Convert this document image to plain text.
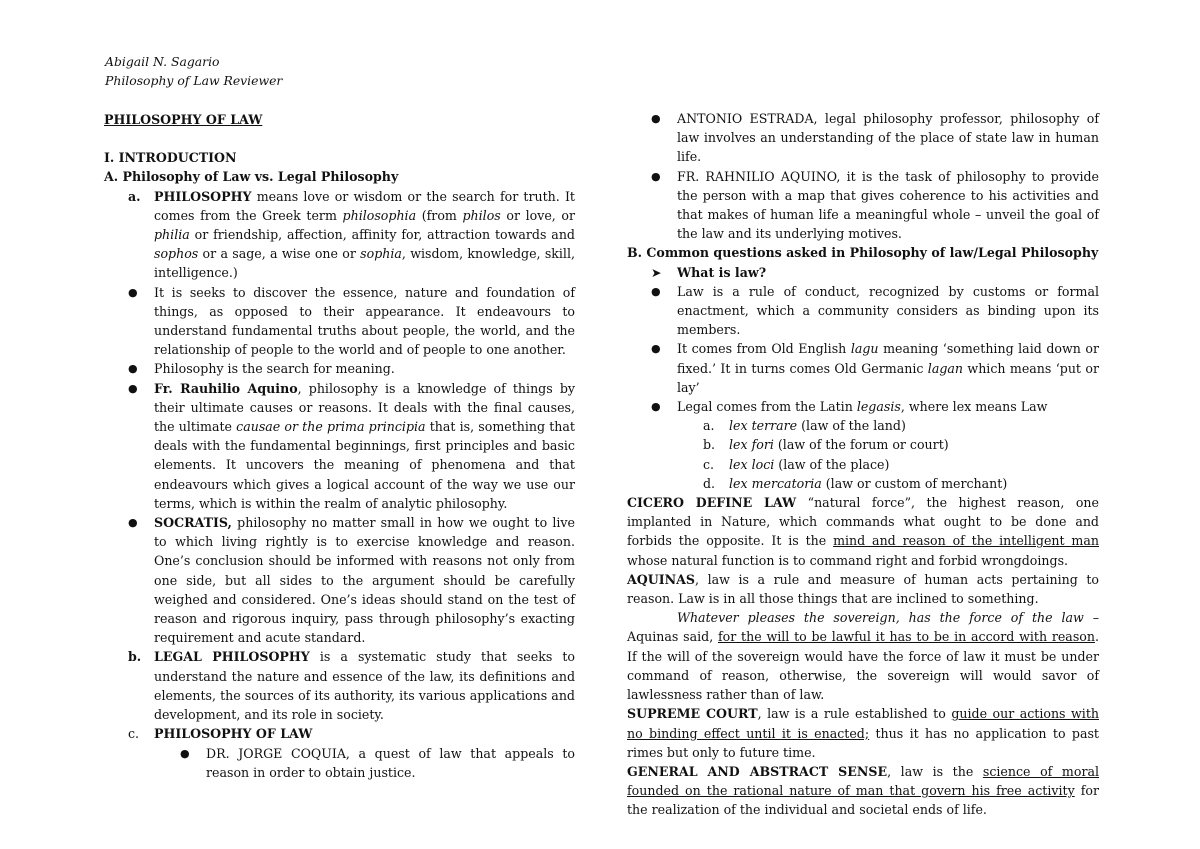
Abigail N. Sagario
Philosophy of Law Reviewer
PHILOSOPHY OF LAW
I. INTRODUCTION
A. Philosophy of Law vs. Legal Philosophy
a. PHILOSOPHY means love or wisdom or the search for truth. It comes from the Greek term philosophia (from philos or love, or philia or friendship, affection, affinity for, attraction towards and sophos or a sage, a wise one or sophia, wisdom, knowledge, skill, intelligence.)
● It is seeks to discover the essence, nature and foundation of things, as opposed to their appearance. It endeavours to understand fundamental truths about people, the world, and the relationship of people to the world and of people to one another.
● Philosophy is the search for meaning.
● Fr. Rauhilio Aquino, philosophy is a knowledge of things by their ultimate causes or reasons. It deals with the final causes, the ultimate causae or the prima principia that is, something that deals with the fundamental beginnings, first principles and basic elements. It uncovers the meaning of phenomena and that endeavours which gives a logical account of the way we use our terms, which is within the realm of analytic philosophy.
● SOCRATIS, philosophy no matter small in how we ought to live to which living rightly is to exercise knowledge and reason. One’s conclusion should be informed with reasons not only from one side, but all sides to the argument should be carefully weighed and considered. One’s ideas should stand on the test of reason and rigorous inquiry, pass through philosophy’s exacting requirement and acute standard.
b. LEGAL PHILOSOPHY is a systematic study that seeks to understand the nature and essence of the law, its definitions and elements, the sources of its authority, its various applications and development, and its role in society.
c. PHILOSOPHY OF LAW
● DR. JORGE COQUIA, a quest of law that appeals to reason in order to obtain justice.
● ANTONIO ESTRADA, legal philosophy professor, philosophy of law involves an understanding of the place of state law in human life.
● FR. RAHNILIO AQUINO, it is the task of philosophy to provide the person with a map that gives coherence to his activities and that makes of human life a meaningful whole – unveil the goal of the law and its underlying motives.
B. Common questions asked in Philosophy of law/Legal Philosophy
➤ What is law?
● Law is a rule of conduct, recognized by customs or formal enactment, which a community considers as binding upon its members.
● It comes from Old English lagu meaning ‘something laid down or fixed.’ It in turns comes Old Germanic lagan which means ‘put or lay’
● Legal comes from the Latin legasis, where lex means Law
a. lex terrare (law of the land)
b. lex fori (law of the forum or court)
c. lex loci (law of the place)
d. lex mercatoria (law or custom of merchant)
CICERO DEFINE LAW “natural force”, the highest reason, one implanted in Nature, which commands what ought to be done and forbids the opposite. It is the mind and reason of the intelligent man whose natural function is to command right and forbid wrongdoings.
AQUINAS, law is a rule and measure of human acts pertaining to reason. Law is in all those things that are inclined to something.
Whatever pleases the sovereign, has the force of the law – Aquinas said, for the will to be lawful it has to be in accord with reason. If the will of the sovereign would have the force of law it must be under command of reason, otherwise, the sovereign will would savor of lawlessness rather than of law.
SUPREME COURT, law is a rule established to guide our actions with no binding effect until it is enacted; thus it has no application to past rimes but only to future time.
GENERAL AND ABSTRACT SENSE, law is the science of moral founded on the rational nature of man that govern his free activity for the realization of the individual and societal ends of life.
